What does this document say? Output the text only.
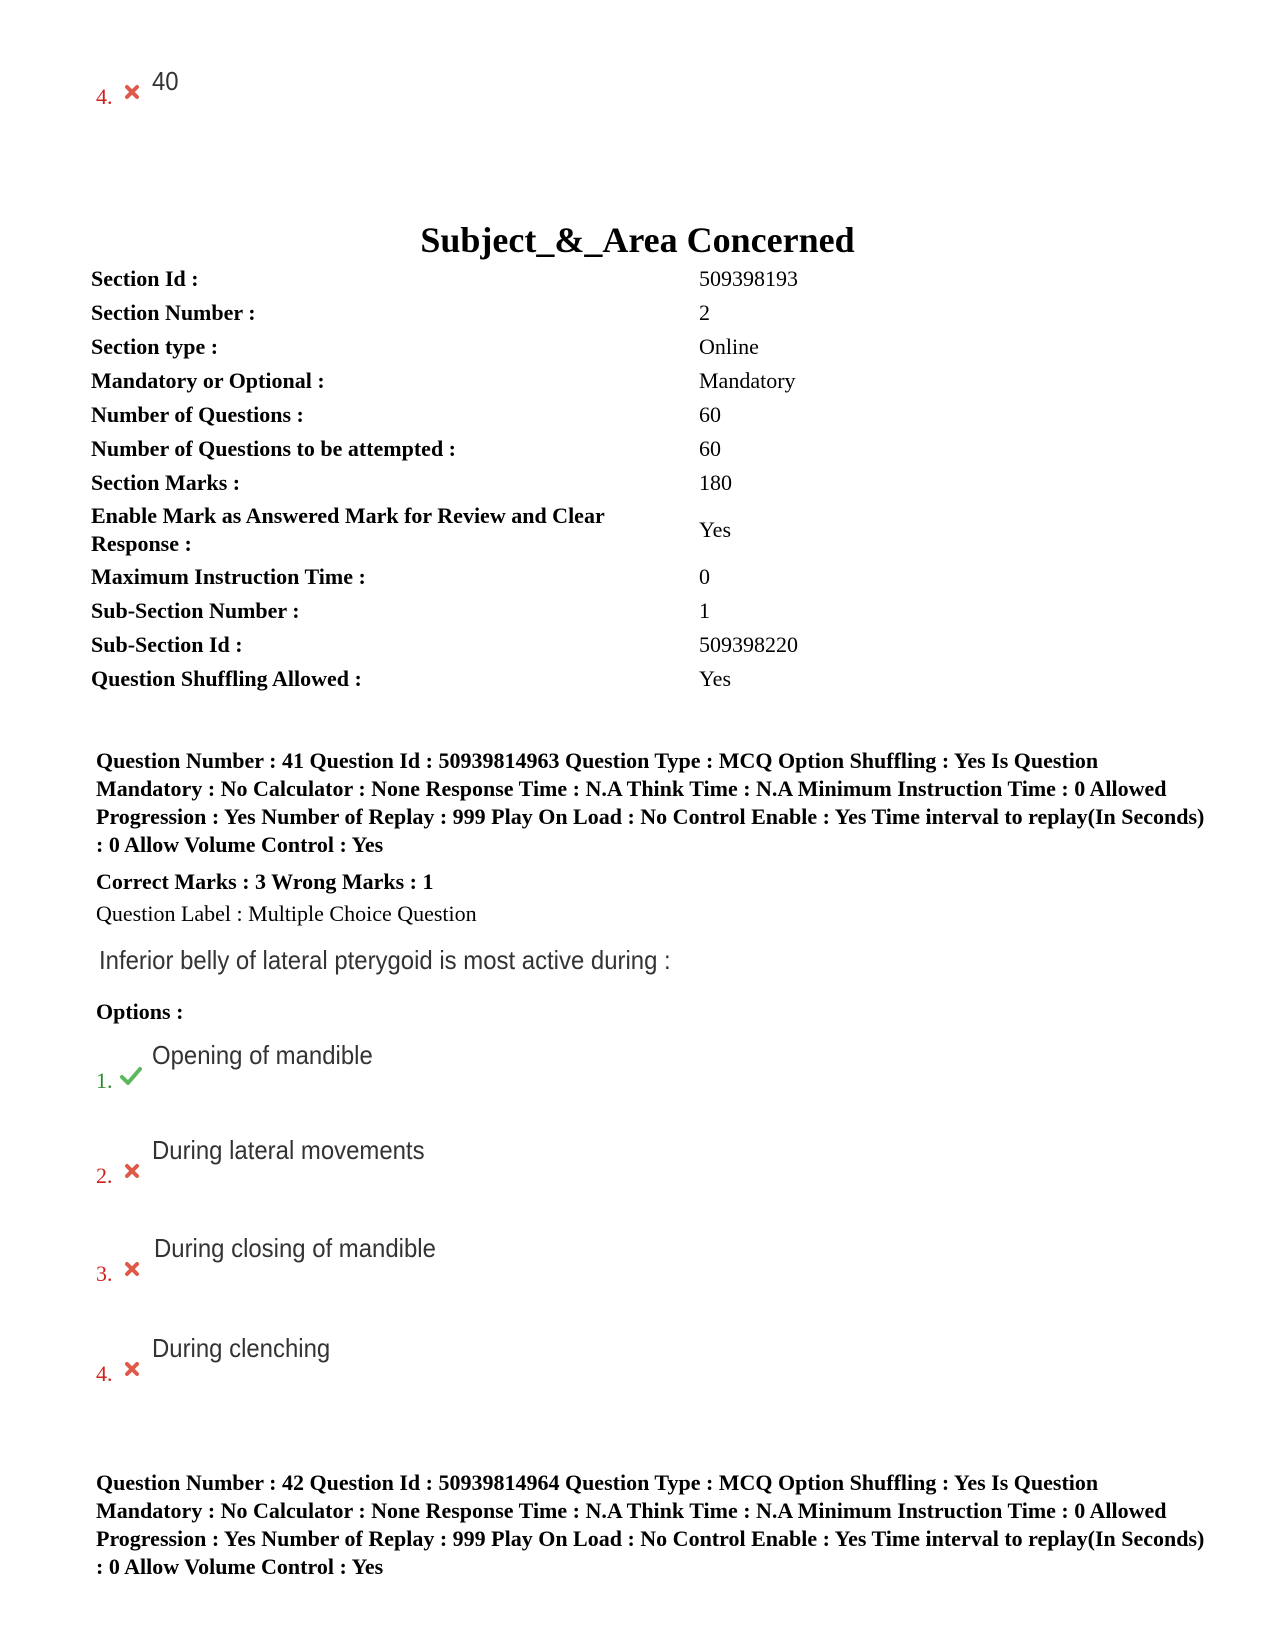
4.
40
Subject_&_Area Concerned
Section Id :	509398193
Section Number :	2
Section type :	Online
Mandatory or Optional :	Mandatory
Number of Questions :	60
Number of Questions to be attempted :	60
Section Marks :	180
Enable Mark as Answered Mark for Review and Clear Response :
Yes
Maximum Instruction Time :	0
Sub-Section Number :	1
Sub-Section Id :	509398220
Question Shuffling Allowed :	Yes
Question Number : 41 Question Id : 50939814963 Question Type : MCQ Option Shuffling : Yes Is Question Mandatory : No Calculator : None Response Time : N.A Think Time : N.A Minimum Instruction Time : 0 Allowed Progression : Yes Number of Replay : 999 Play On Load : No Control Enable : Yes Time interval to replay(In Seconds) : 0 Allow Volume Control : Yes
Correct Marks : 3 Wrong Marks : 1
Question Label : Multiple Choice Question
Inferior belly of lateral pterygoid is most active during :
Options :
1.
Opening of mandible
2.
During lateral movements
3.
During closing of mandible
4.
During clenching
Question Number : 42 Question Id : 50939814964 Question Type : MCQ Option Shuffling : Yes Is Question Mandatory : No Calculator : None Response Time : N.A Think Time : N.A Minimum Instruction Time : 0 Allowed Progression : Yes Number of Replay : 999 Play On Load : No Control Enable : Yes Time interval to replay(In Seconds) : 0 Allow Volume Control : Yes
